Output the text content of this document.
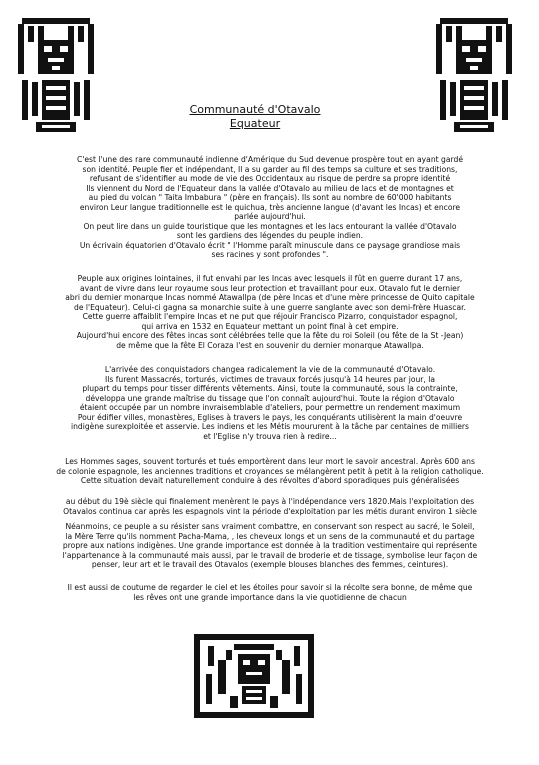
Communauté d'Otavalo
Equateur
C'est l'une des rare communauté indienne d'Amérique du Sud devenue prospère tout en ayant gardé
son identité. Peuple fier et indépendant, Il a su garder au fil des temps sa culture et ses traditions,
refusant de s'identifier au mode de vie des Occidentaux au risque de perdre sa propre identité
Ils viennent du Nord de l'Equateur dans la vallée d'Otavalo au milieu de lacs et de montagnes et
au pied du volcan " Taita Imbabura " (père en français). Ils sont au nombre de 60'000 habitants
environ Leur langue traditionnelle est le quichua, très ancienne langue (d'avant les Incas) et encore
parlée aujourd'hui.
On peut lire dans un guide touristique que les montagnes et les lacs entourant la vallée d'Otavalo
sont les gardiens des légendes du peuple indien.
Un écrivain équatorien d'Otavalo écrit " l'Homme paraît minuscule dans ce paysage grandiose mais
ses racines y sont profondes ".
Peuple aux origines lointaines, il fut envahi par les Incas avec lesquels il fût en guerre durant 17 ans,
avant de vivre dans leur royaume sous leur protection et travaillant pour eux. Otavalo fut le dernier
abri du dernier monarque Incas nommé Atawallpa (de père Incas et d'une mère princesse de Quito capitale
de l'Equateur). Celui-ci gagna sa monarchie suite à une guerre sanglante avec son demi-frère Huascar.
Cette guerre affaiblit l'empire Incas et ne put que réjouir Francisco Pizarro, conquistador espagnol,
qui arriva en 1532 en Equateur mettant un point final à cet empire.
Aujourd'hui encore des fêtes incas sont célébrées telle que la fête du roi Soleil (ou fête de la St -Jean)
de même que la fête El Coraza l'est en souvenir du dernier monarque Atawallpa.
L'arrivée des conquistadors changea radicalement la vie de la communauté d'Otavalo.
Ils furent Massacrés, torturés, victimes de travaux forcés jusqu'à 14 heures par jour, la
plupart du temps pour tisser différents vêtements. Ainsi, toute la communauté, sous la contrainte,
développa une grande maîtrise du tissage que l'on connaît aujourd'hui. Toute la région d'Otavalo
étaient occupée par un nombre invraisemblable d'ateliers, pour permettre un rendement maximum
Pour édifier villes, monastères, Eglises à travers le pays, les conquérants utilisèrent la main d'oeuvre
indigène surexploitée et asservie. Les indiens et les Métis moururent à la tâche par centaines de milliers
et l'Eglise n'y trouva rien à redire...
Les Hommes sages, souvent torturés et tués emportèrent dans leur mort le savoir ancestral. Après 600 ans
de colonie espagnole, les anciennes traditions et croyances se mélangèrent petit à petit à la religion catholique.
Cette situation devait naturellement conduire à des révoltes d'abord sporadiques puis généralisées
au début du 19è siècle qui finalement menèrent le pays à l'indépendance vers 1820.Mais l'exploitation des
Otavalos continua car après les espagnols vint la période d'exploitation par les métis durant environ 1 siècle
Néanmoins, ce peuple a su résister sans vraiment combattre, en conservant son respect au sacré, le Soleil,
la Mère Terre qu'ils nomment Pacha-Mama, , les cheveux longs et un sens de la communauté et du partage
propre aux nations indigènes. Une grande importance est donnée à la tradition vestimentaire qui représente
l'appartenance à la communauté mais aussi, par le travail de broderie et de tissage, symbolise leur façon de
penser, leur art et le travail des Otavalos (exemple blouses blanches des femmes, ceintures).
Il est aussi de coutume de regarder le ciel et les étoiles pour savoir si la récolte sera bonne, de même que
les rêves ont une grande importance dans la vie quotidienne de chacun
